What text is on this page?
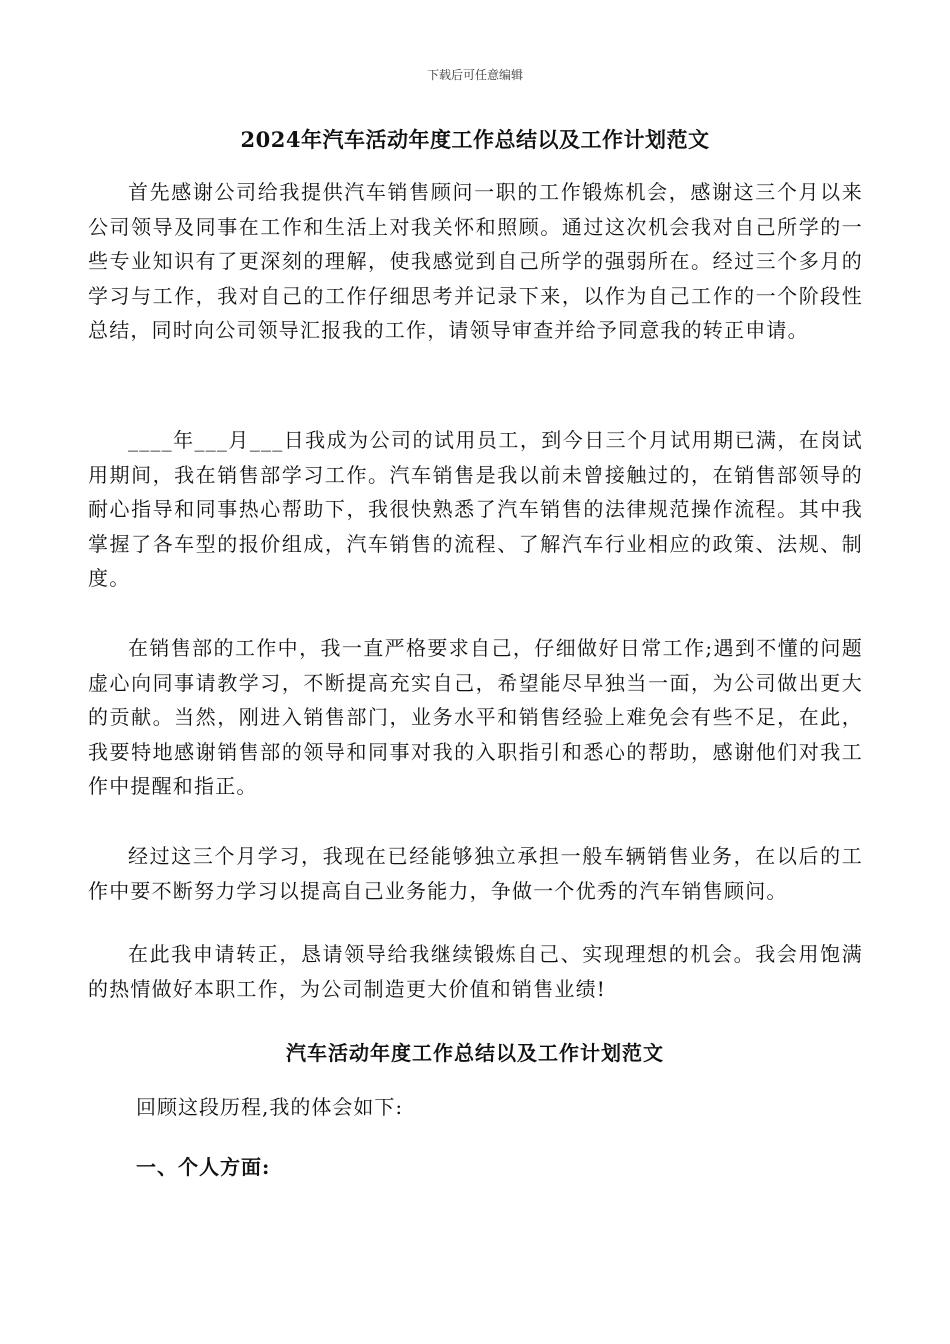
下载后可任意编辑
2024年汽车活动年度工作总结以及工作计划范文

首先感谢公司给我提供汽车销售顾问一职的工作锻炼机会，感谢这三个月以来公司领导及同事在工作和生活上对我关怀和照顾。通过这次机会我对自己所学的一些专业知识有了更深刻的理解，使我感觉到自己所学的强弱所在。经过三个多月的学习与工作，我对自己的工作仔细思考并记录下来，以作为自己工作的一个阶段性总结，同时向公司领导汇报我的工作，请领导审查并给予同意我的转正申请。

____年___月___日我成为公司的试用员工，到今日三个月试用期已满，在岗试用期间，我在销售部学习工作。汽车销售是我以前未曾接触过的，在销售部领导的耐心指导和同事热心帮助下，我很快熟悉了汽车销售的法律规范操作流程。其中我掌握了各车型的报价组成，汽车销售的流程、了解汽车行业相应的政策、法规、制度。

在销售部的工作中，我一直严格要求自己，仔细做好日常工作;遇到不懂的问题虚心向同事请教学习，不断提高充实自己，希望能尽早独当一面，为公司做出更大的贡献。当然，刚进入销售部门，业务水平和销售经验上难免会有些不足，在此，我要特地感谢销售部的领导和同事对我的入职指引和悉心的帮助，感谢他们对我工作中提醒和指正。

经过这三个月学习，我现在已经能够独立承担一般车辆销售业务，在以后的工作中要不断努力学习以提高自己业务能力，争做一个优秀的汽车销售顾问。

在此我申请转正，恳请领导给我继续锻炼自己、实现理想的机会。我会用饱满的热情做好本职工作，为公司制造更大价值和销售业绩!

汽车活动年度工作总结以及工作计划范文
回顾这段历程,我的体会如下:
一、个人方面:
